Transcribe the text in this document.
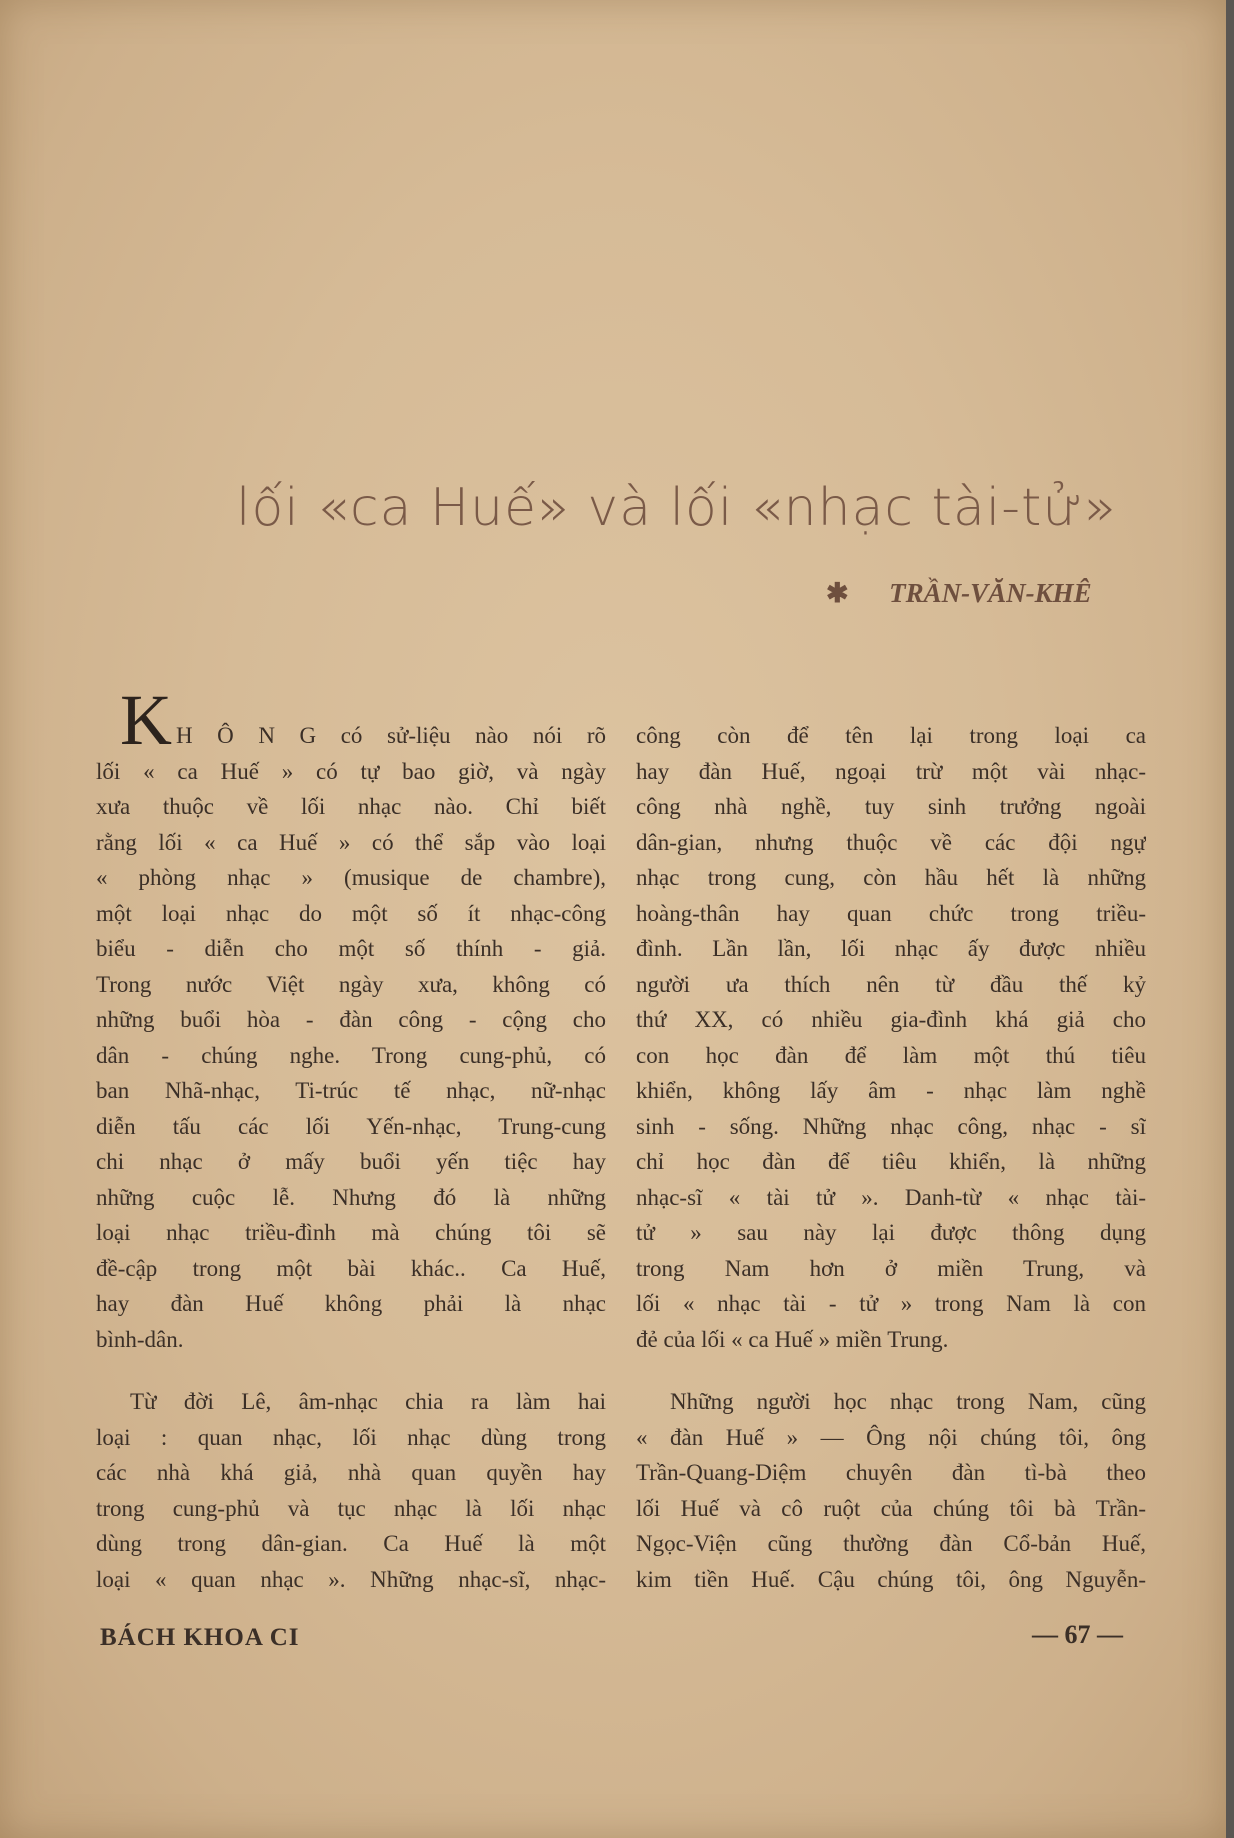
lối «ca Huế» và lối «nhạc tài-tử»
✱ TRẦN-VĂN-KHÊ
K H Ô N G có sử-liệu nào nói rõ
lối « ca Huế » có tự bao giờ, và ngày
xưa thuộc về lối nhạc nào. Chỉ biết
rằng lối « ca Huế » có thể sắp vào loại
« phòng nhạc » (musique de chambre),
một loại nhạc do một số ít nhạc-công
biểu - diễn cho một số thính - giả.
Trong nước Việt ngày xưa, không có
những buổi hòa - đàn công - cộng cho
dân - chúng nghe. Trong cung-phủ, có
ban Nhã-nhạc, Ti-trúc tế nhạc, nữ-nhạc
diễn tấu các lối Yến-nhạc, Trung-cung
chi nhạc ở mấy buổi yến tiệc hay
những cuộc lễ. Nhưng đó là những
loại nhạc triều-đình mà chúng tôi sẽ
đề-cập trong một bài khác.. Ca Huế,
hay đàn Huế không phải là nhạc
bình-dân.
công còn để tên lại trong loại ca
hay đàn Huế, ngoại trừ một vài nhạc-
công nhà nghề, tuy sinh trưởng ngoài
dân-gian, nhưng thuộc về các đội ngự
nhạc trong cung, còn hầu hết là những
hoàng-thân hay quan chức trong triều-
đình. Lần lần, lối nhạc ấy được nhiều
người ưa thích nên từ đầu thế kỷ
thứ XX, có nhiều gia-đình khá giả cho
con học đàn để làm một thú tiêu
khiển, không lấy âm - nhạc làm nghề
sinh - sống. Những nhạc công, nhạc - sĩ
chỉ học đàn để tiêu khiển, là những
nhạc-sĩ « tài tử ». Danh-từ « nhạc tài-
tử » sau này lại được thông dụng
trong Nam hơn ở miền Trung, và
lối « nhạc tài - tử » trong Nam là con
đẻ của lối « ca Huế » miền Trung.
Từ đời Lê, âm-nhạc chia ra làm hai
loại : quan nhạc, lối nhạc dùng trong
các nhà khá giả, nhà quan quyền hay
trong cung-phủ và tục nhạc là lối nhạc
dùng trong dân-gian. Ca Huế là một
loại « quan nhạc ». Những nhạc-sĩ, nhạc-
Những người học nhạc trong Nam, cũng
« đàn Huế » — Ông nội chúng tôi, ông
Trần-Quang-Diệm chuyên đàn tì-bà theo
lối Huế và cô ruột của chúng tôi bà Trần-
Ngọc-Viện cũng thường đàn Cổ-bản Huế,
kim tiền Huế. Cậu chúng tôi, ông Nguyễn-
BÁCH KHOA CI	— 67 —
